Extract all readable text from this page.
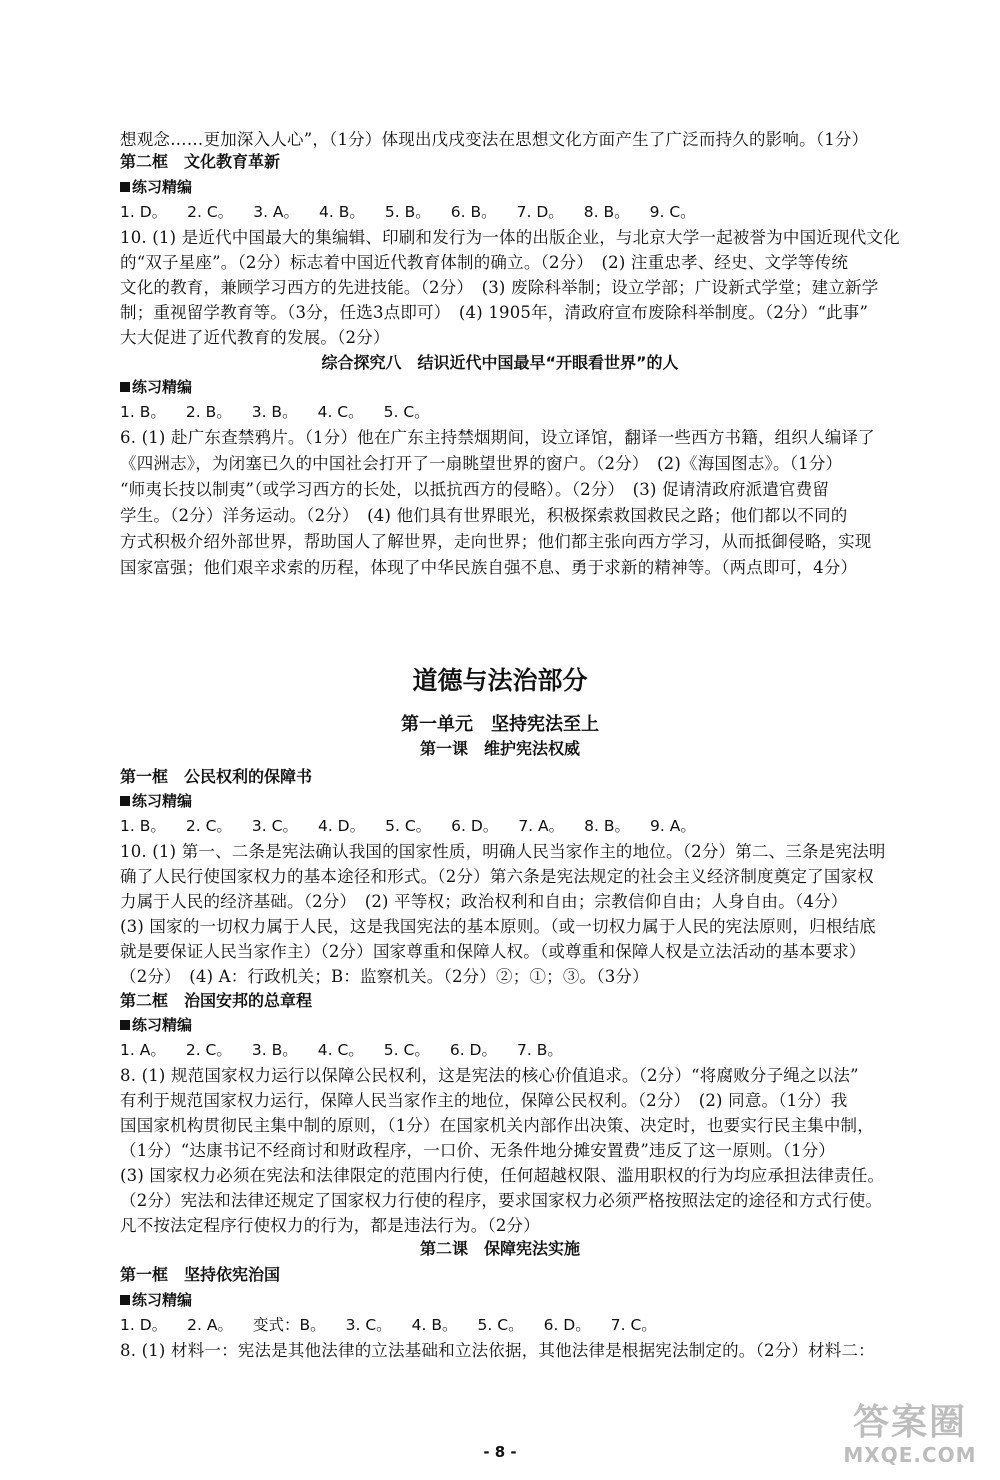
想观念……更加深入人心”，（1分）体现出戊戌变法在思想文化方面产生了广泛而持久的影响。（1分）
第二框　文化教育革新
练习精编
1. D。 2. C。 3. A。 4. B。 5. B。 6. B。 7. D。 8. B。 9. C。
10. (1) 是近代中国最大的集编辑、印刷和发行为一体的出版企业，与北京大学一起被誉为中国近现代文化
的“双子星座”。（2分）标志着中国近代教育体制的确立。（2分）　(2) 注重忠孝、经史、文学等传统
文化的教育，兼顾学习西方的先进技能。（2分）　(3) 废除科举制；设立学部；广设新式学堂；建立新学
制；重视留学教育等。（3分，任选3点即可）　(4) 1905年，清政府宣布废除科举制度。（2分）“此事”
大大促进了近代教育的发展。（2分）
综合探究八　结识近代中国最早“开眼看世界”的人
练习精编
1. B。 2. B。 3. B。 4. C。 5. C。
6. (1) 赴广东查禁鸦片。（1分）他在广东主持禁烟期间，设立译馆，翻译一些西方书籍，组织人编译了
《四洲志》，为闭塞已久的中国社会打开了一扇眺望世界的窗户。（2分）　(2)《海国图志》。（1分）
“师夷长技以制夷”（或学习西方的长处，以抵抗西方的侵略）。（2分）　(3) 促请清政府派遣官费留
学生。（2分）洋务运动。（2分）　(4) 他们具有世界眼光，积极探索救国救民之路；他们都以不同的
方式积极介绍外部世界，帮助国人了解世界，走向世界；他们都主张向西方学习，从而抵御侵略，实现
国家富强；他们艰辛求索的历程，体现了中华民族自强不息、勇于求新的精神等。（两点即可，4分）
道德与法治部分
第一单元　坚持宪法至上
第一课　维护宪法权威
第一框　公民权利的保障书
练习精编
1. B。 2. C。 3. C。 4. D。 5. C。 6. D。 7. A。 8. B。 9. A。
10. (1) 第一、二条是宪法确认我国的国家性质，明确人民当家作主的地位。（2分）第二、三条是宪法明
确了人民行使国家权力的基本途径和形式。（2分）第六条是宪法规定的社会主义经济制度奠定了国家权
力属于人民的经济基础。（2分）　(2) 平等权；政治权利和自由；宗教信仰自由；人身自由。（4分）
(3) 国家的一切权力属于人民，这是我国宪法的基本原则。（或一切权力属于人民的宪法原则，归根结底
就是要保证人民当家作主）（2分）国家尊重和保障人权。（或尊重和保障人权是立法活动的基本要求）
（2分）　(4) A：行政机关；B：监察机关。（2分）②；①；③。（3分）
第二框　治国安邦的总章程
练习精编
1. A。 2. C。 3. B。 4. C。 5. C。 6. D。 7. B。
8. (1) 规范国家权力运行以保障公民权利，这是宪法的核心价值追求。（2分）“将腐败分子绳之以法”
有利于规范国家权力运行，保障人民当家作主的地位，保障公民权利。（2分）　(2) 同意。（1分）我
国国家机构贯彻民主集中制的原则，（1分）在国家机关内部作出决策、决定时，也要实行民主集中制，
（1分）“达康书记不经商讨和财政程序，一口价、无条件地分摊安置费”违反了这一原则。（1分）
(3) 国家权力必须在宪法和法律限定的范围内行使，任何超越权限、滥用职权的行为均应承担法律责任。
（2分）宪法和法律还规定了国家权力行使的程序，要求国家权力必须严格按照法定的途径和方式行使。
凡不按法定程序行使权力的行为，都是违法行为。（2分）
第二课　保障宪法实施
第一框　坚持依宪治国
练习精编
1. D。 2. A。 变式：B。 3. C。 4. B。 5. C。 6. D。 7. C。
8. (1) 材料一：宪法是其他法律的立法基础和立法依据，其他法律是根据宪法制定的。（2分）材料二：
- 8 -
答案圈
MXQE.COM
